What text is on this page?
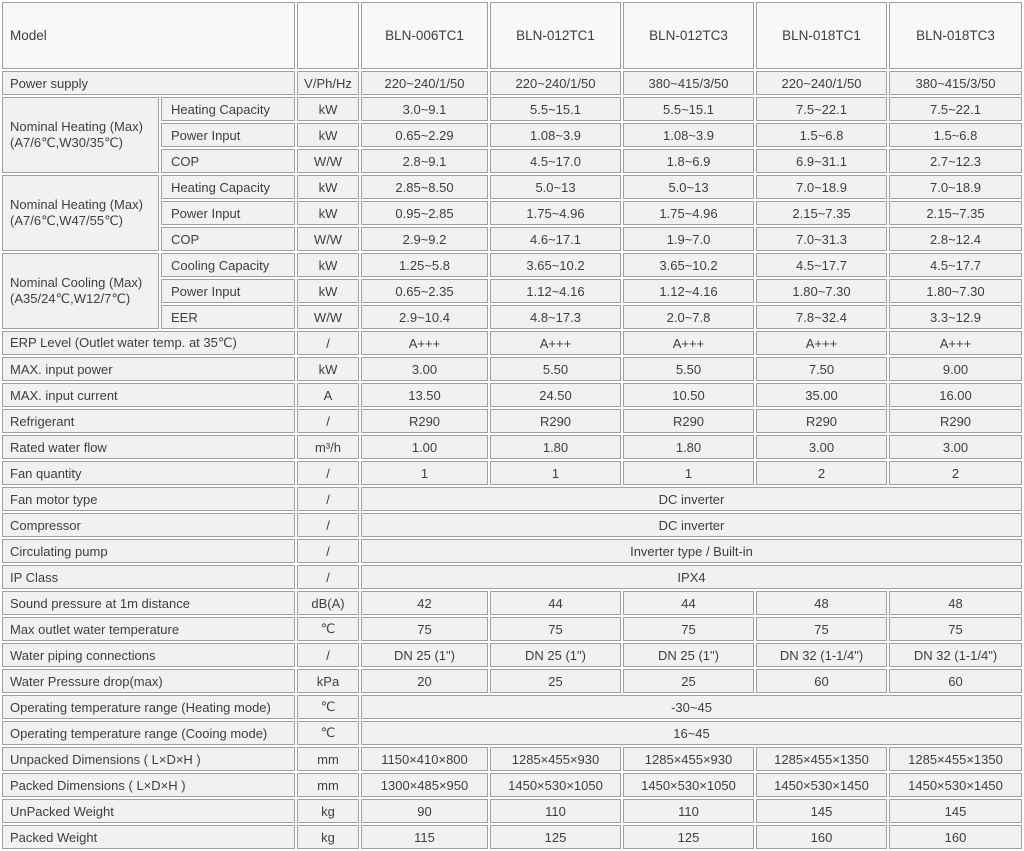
Model			BLN-006TC1	BLN-012TC1	BLN-012TC3	BLN-018TC1	BLN-018TC3
Power supply		V/Ph/Hz	220~240/1/50	220~240/1/50	380~415/3/50	220~240/1/50	380~415/3/50

Nominal Heating (Max)
(A7/6℃,W30/35℃)	Heating Capacity	kW	3.0~9.1	5.5~15.1	5.5~15.1	7.5~22.1	7.5~22.1
	Power Input	kW	0.65~2.29	1.08~3.9	1.08~3.9	1.5~6.8	1.5~6.8
	COP	W/W	2.8~9.1	4.5~17.0	1.8~6.9	6.9~31.1	2.7~12.3

Nominal Heating (Max)
(A7/6℃,W47/55℃)	Heating Capacity	kW	2.85~8.50	5.0~13	5.0~13	7.0~18.9	7.0~18.9
	Power Input	kW	0.95~2.85	1.75~4.96	1.75~4.96	2.15~7.35	2.15~7.35
	COP	W/W	2.9~9.2	4.6~17.1	1.9~7.0	7.0~31.3	2.8~12.4

Nominal Cooling (Max)
(A35/24℃,W12/7℃)	Cooling Capacity	kW	1.25~5.8	3.65~10.2	3.65~10.2	4.5~17.7	4.5~17.7
	Power Input	kW	0.65~2.35	1.12~4.16	1.12~4.16	1.80~7.30	1.80~7.30
	EER	W/W	2.9~10.4	4.8~17.3	2.0~7.8	7.8~32.4	3.3~12.9
ERP Level (Outlet water temp. at 35℃)		/	A+++	A+++	A+++	A+++	A+++
MAX. input power		kW	3.00	5.50	5.50	7.50	9.00
MAX. input current		A	13.50	24.50	10.50	35.00	16.00
Refrigerant		/	R290	R290	R290	R290	R290
Rated water flow		m³/h	1.00	1.80	1.80	3.00	3.00
Fan quantity		/	1	1	1	2	2
Fan motor type		/	DC inverter				
Compressor		/	DC inverter				
Circulating pump		/	Inverter type / Built-in				
IP Class		/	IPX4				
Sound pressure at 1m distance		dB(A)	42	44	44	48	48
Max outlet water temperature		℃	75	75	75	75	75
Water piping connections		/	DN 25 (1")	DN 25 (1")	DN 25 (1")	DN 32 (1-1/4")	DN 32 (1-1/4")
Water Pressure drop(max)		kPa	20	25	25	60	60
Operating temperature range (Heating mode)		℃	-30~45				
Operating temperature range (Cooing mode)		℃	16~45				
Unpacked Dimensions ( L×D×H )		mm	1150×410×800	1285×455×930	1285×455×930	1285×455×1350	1285×455×1350
Packed Dimensions ( L×D×H )		mm	1300×485×950	1450×530×1050	1450×530×1050	1450×530×1450	1450×530×1450
UnPacked Weight		kg	90	110	110	145	145
Packed Weight		kg	115	125	125	160	160
